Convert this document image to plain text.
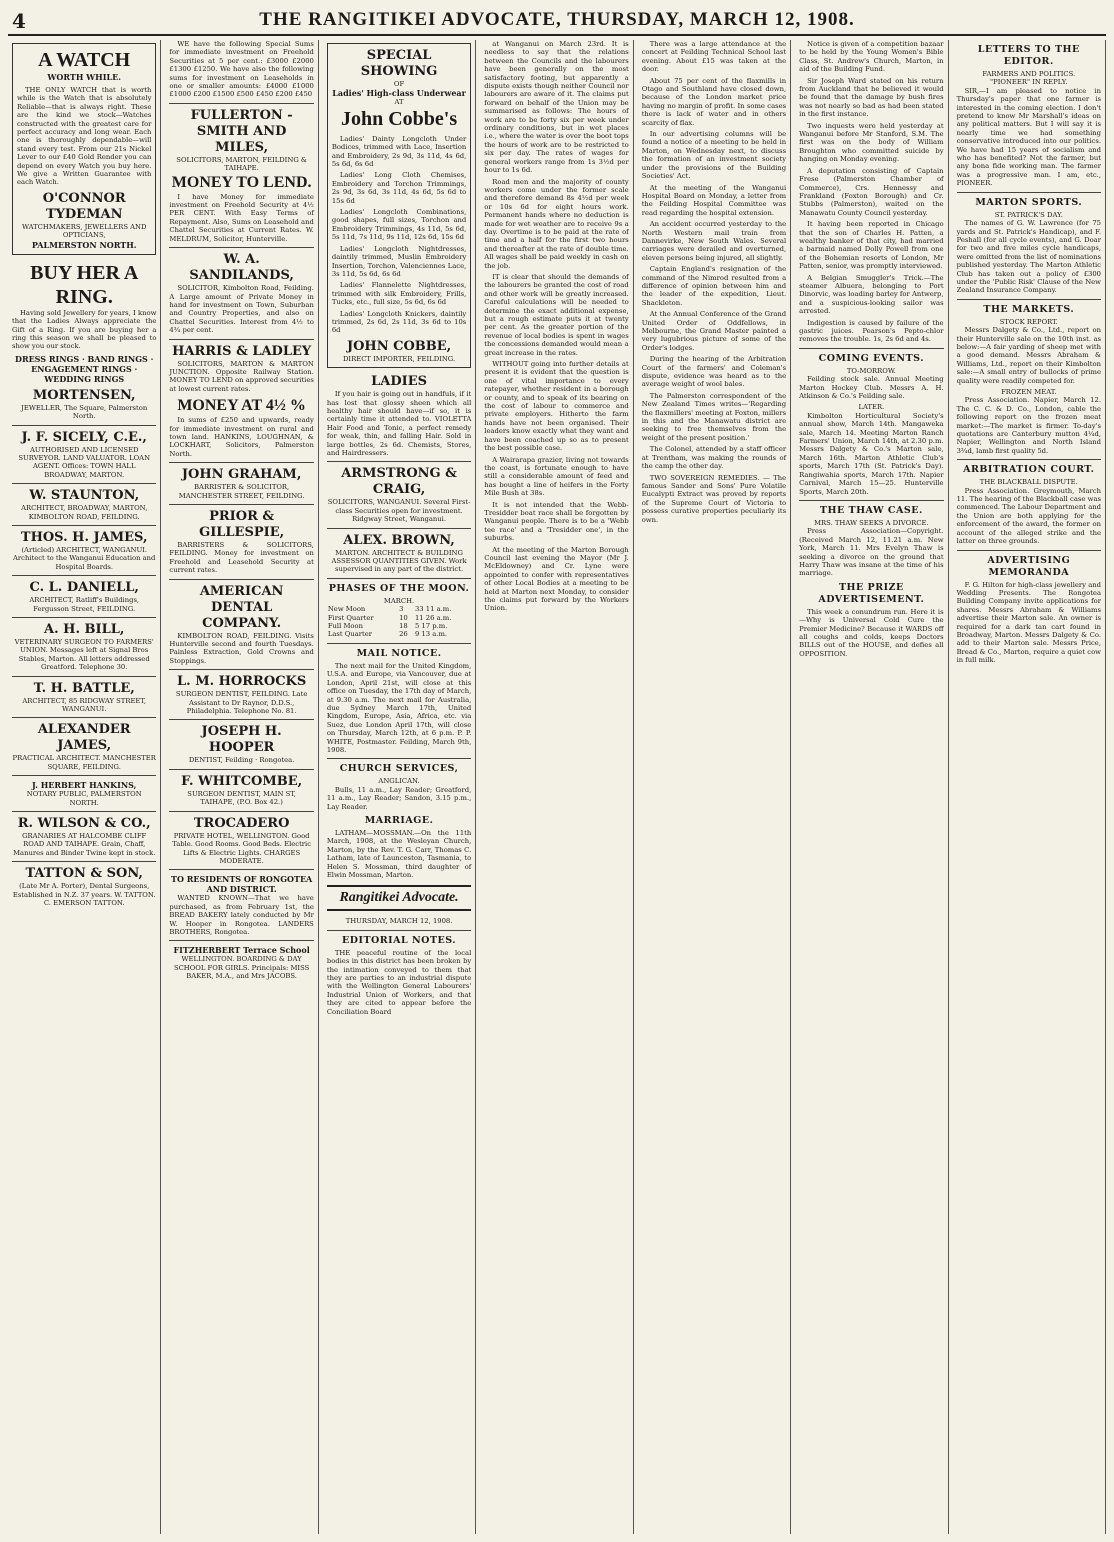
4	THE RANGITIKEI ADVOCATE, THURSDAY, MARCH 12, 1908.
A WATCH
WORTH WHILE.
THE ONLY WATCH that is worth while is the Watch that is absolutely Reliable—that is always right. These are the kind we stock—Watches constructed with the greatest care for perfect accuracy and long wear. Each one is thoroughly dependable—will stand every test. From our 21s Nickel Lever to our £40 Gold Render you can depend on every Watch you buy here. We give a Written Guarantee with each Watch.
O'CONNOR
TYDEMAN
WATCHMAKERS, JEWELLERS AND OPTICIANS,
PALMERSTON NORTH.
BUY HER A RING.
Having sold Jewellery for years, I know that the Ladies Always appreciate the Gift of a Ring. If you are buying her a ring this season we shall be pleased to show you our stock.
DRESS RINGS · BAND RINGS · ENGAGEMENT RINGS · WEDDING RINGS
MORTENSEN,
JEWELLER, The Square, Palmerston North.
J. F. SICELY, C.E.,
AUTHORISED AND LICENSED SURVEYOR. LAND VALUATOR. LOAN AGENT. Offices: TOWN HALL BROADWAY, MARTON.
W. STAUNTON,
ARCHITECT, BROADWAY, MARTON, KIMBOLTON ROAD, FEILDING.
THOS. H. JAMES,
(Articled) ARCHITECT, WANGANUI. Architect to the Wanganui Education and Hospital Boards.
C. L. DANIELL,
ARCHITECT, Ratliff's Buildings, Fergusson Street, FEILDING.
A. H. BILL,
VETERINARY SURGEON TO FARMERS' UNION. Messages left at Signal Bros Stables, Marton. All letters addressed Greatford. Telephone 30.
T. H. BATTLE,
ARCHITECT, 85 RIDGWAY STREET, WANGANUI.
ALEXANDER JAMES,
PRACTICAL ARCHITECT. MANCHESTER SQUARE, FEILDING.
J. HERBERT HANKINS,
NOTARY PUBLIC, PALMERSTON NORTH.
R. WILSON & CO.,
GRANARIES AT HALCOMBE CLIFF ROAD AND TAIHAPE. Grain, Chaff, Manures and Binder Twine kept in stock.
TATTON & SON,
(Late Mr A. Porter), Dental Surgeons, Established in N.Z. 37 years. W. TATTON. C. EMERSON TATTON.
WE have the following Special Sums for immediate investment on Freehold Securities at 5 per cent.: £3000 £2000 £1300 £1250. We have also the following sums for investment on Leaseholds in one or smaller amounts: £4000 £1000 £1000 £200 £1500 £500 £450 £200 £450
FULLERTON - SMITH AND MILES,
SOLICITORS, MARTON, FEILDING & TAIHAPE.
MONEY TO LEND.
I have Money for immediate investment on Freehold Security at 4½ PER CENT. With Easy Terms of Repayment. Also, Sums on Leasehold and Chattel Securities at Current Rates. W. MELDRUM, Solicitor, Hunterville.
W. A. SANDILANDS,
SOLICITOR, Kimbolton Road, Feilding. A Large amount of Private Money in hand for investment on Town, Suburban and Country Properties, and also on Chattel Securities. Interest from 4½ to 4¾ per cent.
HARRIS & LADLEY
SOLICITORS, MARTON & MARTON JUNCTION. Opposite Railway Station. MONEY TO LEND on approved securities at lowest current rates.
MONEY AT 4½ %
In sums of £250 and upwards, ready for immediate investment on rural and town land. HANKINS, LOUGHNAN, & LOCKHART, Solicitors, Palmerston North.
JOHN GRAHAM,
BARRISTER & SOLICITOR, MANCHESTER STREET, FEILDING.
PRIOR & GILLESPIE,
BARRISTERS & SOLICITORS, FEILDING. Money for investment on Freehold and Leasehold Security at current rates.
AMERICAN DENTAL COMPANY.
KIMBOLTON ROAD, FEILDING. Visits Hunterville second and fourth Tuesdays. Painless Extraction, Gold Crowns and Stoppings.
L. M. HORROCKS
SURGEON DENTIST, FEILDING. Late Assistant to Dr Raynor, D.D.S., Philadelphia. Telephone No. 81.
JOSEPH H. HOOPER
DENTIST, Feilding · Rongotea.
F. WHITCOMBE,
SURGEON DENTIST, MAIN ST, TAIHAPE, (P.O. Box 42.)
TROCADERO
PRIVATE HOTEL, WELLINGTON. Good Table. Good Rooms. Good Beds. Electric Lifts & Electric Lights. CHARGES MODERATE.
TO RESIDENTS OF RONGOTEA AND DISTRICT.
WANTED KNOWN—That we have purchased, as from February 1st, the BREAD BAKERY lately conducted by Mr W. Hooper in Rongotea. LANDERS BROTHERS, Rongotea.
FITZHERBERT Terrace School
WELLINGTON. BOARDING & DAY SCHOOL FOR GIRLS. Principals: MISS BAKER, M.A., and Mrs JACOBS.
SPECIAL SHOWING
OF
Ladies' High-class Underwear
AT
John Cobbe's
Ladies' Dainty Longcloth Under Bodices, trimmed with Lace, Insertion and Embroidery, 2s 9d, 3s 11d, 4s 6d, 5s 6d, 6s 6d
Ladies' Long Cloth Chemises, Embroidery and Torchon Trimmings, 2s 9d, 3s 6d, 3s 11d, 4s 6d, 5s 6d to 15s 6d
Ladies' Longcloth Combinations, good shapes, full sizes, Torchon and Embroidery Trimmings, 4s 11d, 5s 6d, 5s 11d, 7s 11d, 9s 11d, 12s 6d, 15s 6d
Ladies' Longcloth Nightdresses, daintily trimmed, Muslin Embroidery Insertion, Torchon, Valenciennes Lace, 3s 11d, 5s 6d, 6s 6d
Ladies' Flannelette Nightdresses, trimmed with silk Embroidery, Frills, Tucks, etc., full size, 5s 6d, 6s 6d
Ladies' Longcloth Knickers, daintily trimmed, 2s 6d, 2s 11d, 3s 6d to 10s 6d
JOHN COBBE,
DIRECT IMPORTER, FEILDING.
LADIES
If you hair is going out in handfuls, if it has lost that glossy sheen which all healthy hair should have—if so, it is certainly time it attended to. VIOLETTA Hair Food and Tonic, a perfect remedy for weak, thin, and falling Hair. Sold in large bottles, 2s 6d. Chemists, Stores, and Hairdressers.
ARMSTRONG & CRAIG,
SOLICITORS, WANGANUI. Several First-class Securities open for investment. Ridgway Street, Wanganui.
ALEX. BROWN,
MARTON. ARCHITECT & BUILDING ASSESSOR QUANTITIES GIVEN. Work supervised in any part of the district.
PHASES OF THE MOON.
MARCH.
New Moon	3	33 11 a.m.
First Quarter	10	11 26 a.m.
Full Moon	18	5 17 p.m.
Last Quarter	26	9 13 a.m.
MAIL NOTICE.
The next mail for the United Kingdom, U.S.A. and Europe, via Vancouver, due at London, April 21st, will close at this office on Tuesday, the 17th day of March, at 9.30 a.m. The next mail for Australia, due Sydney March 17th, United Kingdom, Europe, Asia, Africa, etc. via Suez, due London April 17th, will close on Thursday, March 12th, at 6 p.m. P. P. WHITE, Postmaster. Feilding, March 9th, 1908.
CHURCH SERVICES,
ANGLICAN.
Bulls, 11 a.m., Lay Reader; Greatford, 11 a.m., Lay Reader; Sandon, 3.15 p.m., Lay Reader.
MARRIAGE.
LATHAM—MOSSMAN.—On the 11th March, 1908, at the Wesleyan Church, Marton, by the Rev. T. G. Carr, Thomas C. Latham, late of Launceston, Tasmania, to Helen S. Mossman, third daughter of Elwin Mossman, Marton.
Rangitikei Advocate.
THURSDAY, MARCH 12, 1908.
EDITORIAL NOTES.
THE peaceful routine of the local bodies in this district has been broken by the intimation conveyed to them that they are parties to an industrial dispute with the Wellington General Labourers' Industrial Union of Workers, and that they are cited to appear before the Conciliation Board
at Wanganui on March 23rd. It is needless to say that the relations between the Councils and the labourers have been generally on the most satisfactory footing, but apparently a dispute exists though neither Council nor labourers are aware of it. The claims put forward on behalf of the Union may be summarised as follows: The hours of work are to be forty six per week under ordinary conditions, but in wet places i.e., where the water is over the boot tops the hours of work are to be restricted to six per day. The rates of wages for general workers range from 1s 3½d per hour to 1s 6d.
Road men and the majority of county workers come under the former scale and therefore demand 8s 4½d per week or 10s 6d for eight hours work. Permanent hands where no deduction is made for wet weather are to receive 9s a day. Overtime is to be paid at the rate of time and a half for the first two hours and thereafter at the rate of double time. All wages shall be paid weekly in cash on the job.
IT is clear that should the demands of the labourers be granted the cost of road and other work will be greatly increased. Careful calculations will be needed to determine the exact additional expense, but a rough estimate puts it at twenty per cent. As the greater portion of the revenue of local bodies is spent in wages the concessions demanded would mean a great increase in the rates.
WITHOUT going into further details at present it is evident that the question is one of vital importance to every ratepayer, whether resident in a borough or county, and to speak of its bearing on the cost of labour to commerce and private employers. Hitherto the farm hands have not been organised. Their leaders know exactly what they want and have been coached up so as to present the best possible case.
A Wairarapa grazier, living not towards the coast, is fortunate enough to have still a considerable amount of feed and has bought a line of heifers in the Forty Mile Bush at 38s.
It is not intended that the Webb-Tresidder boat race shall be forgotten by Wanganui people. There is to be a 'Webb tee race' and a 'Tresidder one', in the suburbs.
At the meeting of the Marton Borough Council last evening the Mayor (Mr J. McEldowney) and Cr. Lyne were appointed to confer with representatives of other Local Bodies at a meeting to be held at Marton next Monday, to consider the claims put forward by the Workers Union.
There was a large attendance at the concert at Feilding Technical School last evening. About £15 was taken at the door.
About 75 per cent of the flaxmills in Otago and Southland have closed down, because of the London market price having no margin of profit. In some cases there is lack of water and in others scarcity of flax.
In our advertising columns will be found a notice of a meeting to be held in Marton, on Wednesday next, to discuss the formation of an investment society under the provisions of the Building Societies' Act.
At the meeting of the Wanganui Hospital Board on Monday, a letter from the Feilding Hospital Committee was read regarding the hospital extension.
An accident occurred yesterday to the North Western mail train from Dannevirke, New South Wales. Several carriages were derailed and overturned, eleven persons being injured, all slightly.
Captain England's resignation of the command of the Nimrod resulted from a difference of opinion between him and the leader of the expedition, Lieut. Shackleton.
At the Annual Conference of the Grand United Order of Oddfellows, in Melbourne, the Grand Master painted a very lugubrious picture of some of the Order's lodges.
During the hearing of the Arbitration Court of the farmers' and Coleman's dispute, evidence was heard as to the average weight of wool bales.
The Palmerston correspondent of the New Zealand Times writes—'Regarding the flaxmillers' meeting at Foxton, millers in this and the Manawatu district are seeking to free themselves from the weight of the present position.'
The Colonel, attended by a staff officer at Trentham, was making the rounds of the camp the other day.
TWO SOVEREIGN REMEDIES. — The famous Sander and Sons' Pure Volatile Eucalypti Extract was proved by reports of the Supreme Court of Victoria to possess curative properties peculiarly its own.
Notice is given of a competition bazaar to be held by the Young Women's Bible Class, St. Andrew's Church, Marton, in aid of the Building Fund.
Sir Joseph Ward stated on his return from Auckland that he believed it would be found that the damage by bush fires was not nearly so bad as had been stated in the first instance.
Two inquests were held yesterday at Wanganui before Mr Stanford, S.M. The first was on the body of William Broughton who committed suicide by hanging on Monday evening.
A deputation consisting of Captain Frese (Palmerston Chamber of Commerce), Crs. Hennessy and Frankland (Foxton Borough) and Cr. Stubbs (Palmerston), waited on the Manawatu County Council yesterday.
It having been reported in Chicago that the son of Charles H. Patten, a wealthy banker of that city, had married a barmaid named Dolly Powell from one of the Bohemian resorts of London, Mr Patten, senior, was promptly interviewed.
A Belgian Smuggler's Trick.—The steamer Albuera, belonging to Port Dinorvic, was loading barley for Antwerp, and a suspicious-looking sailor was arrested.
Indigestion is caused by failure of the gastric juices. Pearson's Pepto-chlor removes the trouble. 1s, 2s 6d and 4s.
COMING EVENTS.
TO-MORROW.
Feilding stock sale. Annual Meeting Marton Hockey Club. Messrs A. H. Atkinson & Co.'s Feilding sale.
LATER.
Kimbolton Horticultural Society's annual show, March 14th. Mangaweka sale, March 14. Meeting Marton Ranch Farmers' Union, March 14th, at 2.30 p.m. Messrs Dalgety & Co.'s Marton sale, March 16th. Marton Athletic Club's sports, March 17th (St. Patrick's Day). Rangiwahia sports, March 17th. Napier Carnival, March 15—25. Hunterville Sports, March 20th.
THE THAW CASE.
MRS. THAW SEEKS A DIVORCE.
Press Association—Copyright. (Received March 12, 11.21 a.m. New York, March 11. Mrs Evelyn Thaw is seeking a divorce on the ground that Harry Thaw was insane at the time of his marriage.
THE PRIZE ADVERTISEMENT.
This week a conundrum run. Here it is—Why is Universal Cold Cure the Premier Medicine? Because it WARDS off all coughs and colds, keeps Doctors BILLS out of the HOUSE, and defies all OPPOSITION.
LETTERS TO THE EDITOR.
FARMERS AND POLITICS.
"PIONEER" IN REPLY.
SIR,—I am pleased to notice in Thursday's paper that one farmer is interested in the coming election. I don't pretend to know Mr Marshall's ideas on any political matters. But I will say it is nearly time we had something conservative introduced into our politics. We have had 15 years of socialism and who has benefited? Not the farmer, but any bona fide working man. The farmer was a progressive man. I am, etc., PIONEER.
MARTON SPORTS.
ST. PATRICK'S DAY.
The names of G. W. Lawrence (for 75 yards and St. Patrick's Handicap), and F. Peshall (for all cycle events), and G. Doar for two and five miles cycle handicaps, were omitted from the list of nominations published yesterday. The Marton Athletic Club has taken out a policy of £300 under the 'Public Risk' Clause of the New Zealand Insurance Company.
THE MARKETS.
STOCK REPORT.
Messrs Dalgety & Co., Ltd., report on their Hunterville sale on the 10th inst. as below:—A fair yarding of sheep met with a good demand. Messrs Abraham & Williams, Ltd., report on their Kimbolton sale:—A small entry of bullocks of prime quality were readily competed for.
FROZEN MEAT.
Press Association. Napier, March 12. The C. C. & D. Co., London, cable the following report on the frozen meat market:—The market is firmer. To-day's quotations are Canterbury mutton 4¼d, Napier, Wellington and North Island 3¾d, lamb first quality 5d.
ARBITRATION COURT.
THE BLACKBALL DISPUTE.
Press Association. Greymouth, March 11. The hearing of the Blackball case was commenced. The Labour Department and the Union are both applying for the enforcement of the award, the former on account of the alleged strike and the latter on three grounds.
ADVERTISING MEMORANDA
F. G. Hilton for high-class jewellery and Wedding Presents. The Rongotea Building Company invite applications for shares. Messrs Abraham & Williams advertise their Marton sale. An owner is required for a dark tan cart found in Broadway, Marton. Messrs Dalgety & Co. add to their Marton sale. Messrs Price, Bread & Co., Marton, require a quiet cow in full milk.
